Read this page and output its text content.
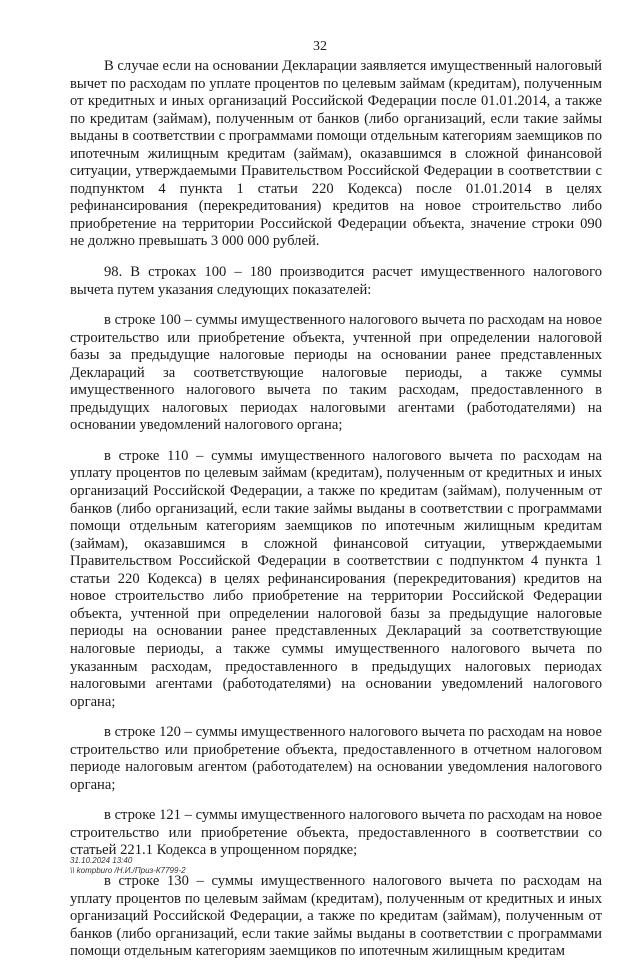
32

В случае если на основании Декларации заявляется имущественный налоговый вычет по расходам по уплате процентов по целевым займам (кредитам), полученным от кредитных и иных организаций Российской Федерации после 01.01.2014, а также по кредитам (займам), полученным от банков (либо организаций, если такие займы выданы в соответствии с программами помощи отдельным категориям заемщиков по ипотечным жилищным кредитам (займам), оказавшимся в сложной финансовой ситуации, утверждаемыми Правительством Российской Федерации в соответствии с подпунктом 4 пункта 1 статьи 220 Кодекса) после 01.01.2014 в целях рефинансирования (перекредитования) кредитов на новое строительство либо приобретение на территории Российской Федерации объекта, значение строки 090 не должно превышать 3 000 000 рублей.

98. В строках 100 – 180 производится расчет имущественного налогового вычета путем указания следующих показателей:

в строке 100 – суммы имущественного налогового вычета по расходам на новое строительство или приобретение объекта, учтенной при определении налоговой базы за предыдущие налоговые периоды на основании ранее представленных Деклараций за соответствующие налоговые периоды, а также суммы имущественного налогового вычета по таким расходам, предоставленного в предыдущих налоговых периодах налоговыми агентами (работодателями) на основании уведомлений налогового органа;

в строке 110 – суммы имущественного налогового вычета по расходам на уплату процентов по целевым займам (кредитам), полученным от кредитных и иных организаций Российской Федерации, а также по кредитам (займам), полученным от банков (либо организаций, если такие займы выданы в соответствии с программами помощи отдельным категориям заемщиков по ипотечным жилищным кредитам (займам), оказавшимся в сложной финансовой ситуации, утверждаемыми Правительством Российской Федерации в соответствии с подпунктом 4 пункта 1 статьи 220 Кодекса) в целях рефинансирования (перекредитования) кредитов на новое строительство либо приобретение на территории Российской Федерации объекта, учтенной при определении налоговой базы за предыдущие налоговые периоды на основании ранее представленных Деклараций за соответствующие налоговые периоды, а также суммы имущественного налогового вычета по указанным расходам, предоставленного в предыдущих налоговых периодах налоговыми агентами (работодателями) на основании уведомлений налогового органа;

в строке 120 – суммы имущественного налогового вычета по расходам на новое строительство или приобретение объекта, предоставленного в отчетном налоговом периоде налоговым агентом (работодателем) на основании уведомления налогового органа;

в строке 121 – суммы имущественного налогового вычета по расходам на новое строительство или приобретение объекта, предоставленного в соответствии со статьей 221.1 Кодекса в упрощенном порядке;

в строке 130 – суммы имущественного налогового вычета по расходам на уплату процентов по целевым займам (кредитам), полученным от кредитных и иных организаций Российской Федерации, а также по кредитам (займам), полученным от банков (либо организаций, если такие займы выданы в соответствии с программами помощи отдельным категориям заемщиков по ипотечным жилищным кредитам

31.10.2024 13:40
\\ kompburo /Н.И./Приз-К7799-2
